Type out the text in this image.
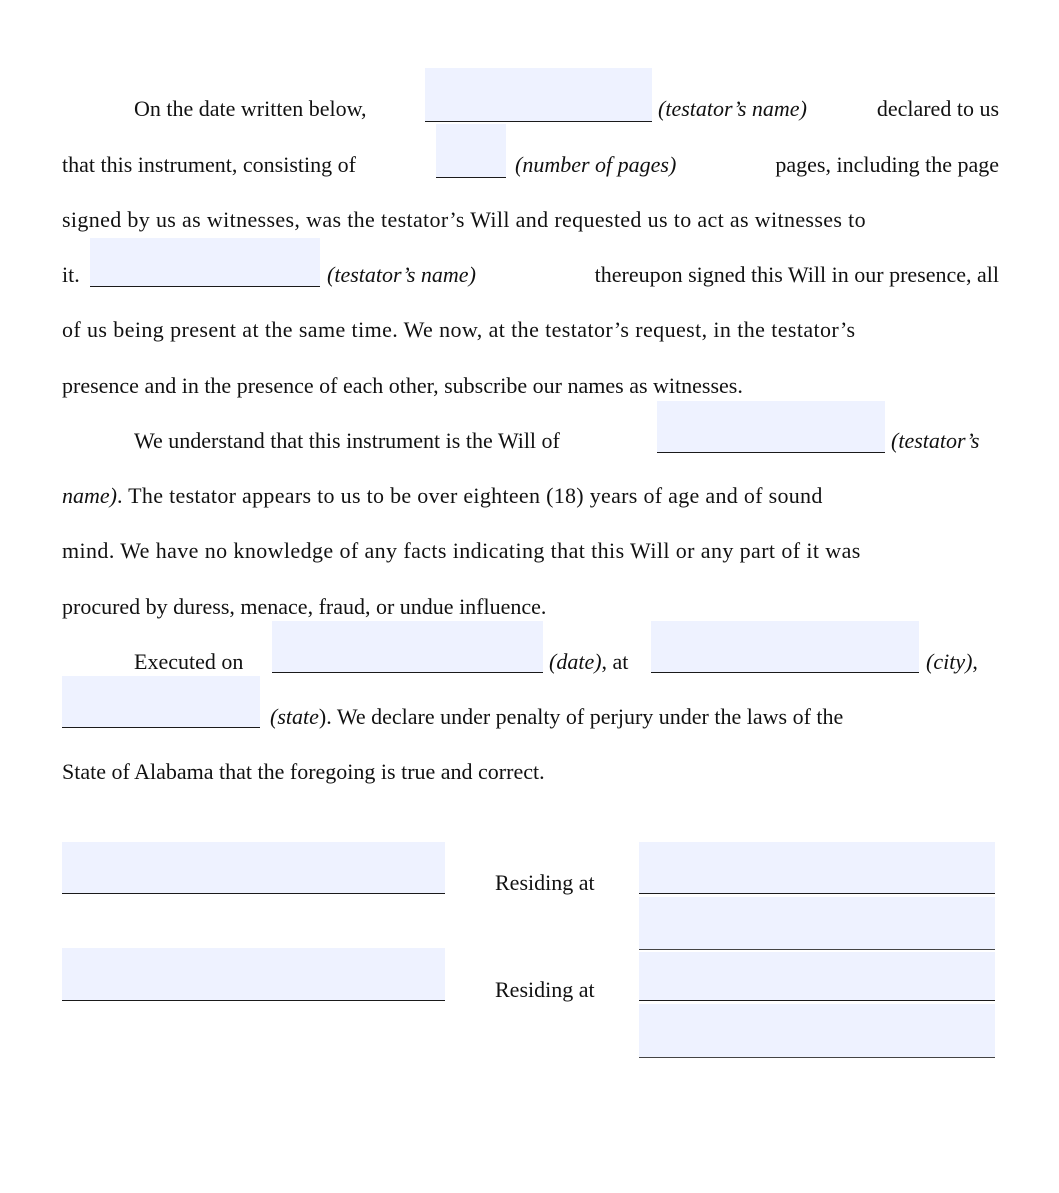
On the date written below,	(testator’s name)	declared to us
that this instrument, consisting of	(number of pages)	pages, including the page
signed by us as witnesses, was the testator’s Will and requested us to act as witnesses to
it.	(testator’s name)	thereupon signed this Will in our presence, all
of us being present at the same time. We now, at the testator’s request, in the testator’s
presence and in the presence of each other, subscribe our names as witnesses.
We understand that this instrument is the Will of	(testator’s
name) . The testator appears to us to be over eighteen (18) years of age and of sound
mind. We have no knowledge of any facts indicating that this Will or any part of it was
procured by duress, menace, fraud, or undue influence.
Executed on	(date), at	(city),
(state). We declare under penalty of perjury under the laws of the
State of Alabama that the foregoing is true and correct.
Residing at
Residing at
